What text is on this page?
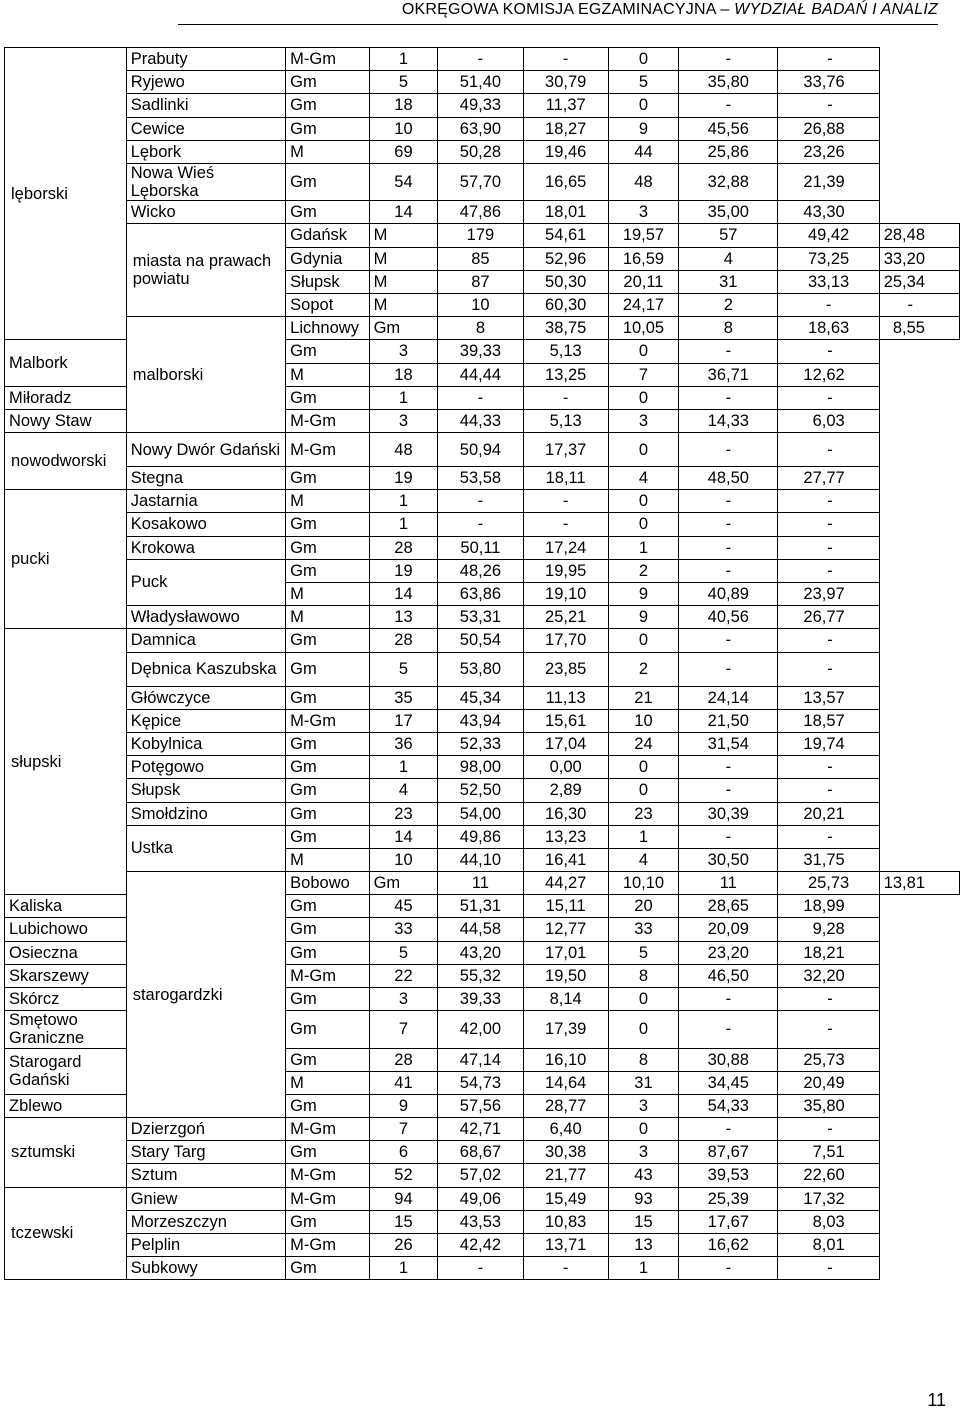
OKRĘGOWA KOMISJA EGZAMINACYJNA – WYDZIAŁ BADAŃ I ANALIZ
lęborski	Prabuty	M-Gm	1	-	-	0	-	-	
	Ryjewo	Gm	5	51,40	30,79	5	35,80	33,76	
	Sadlinki	Gm	18	49,33	11,37	0	-	-	
	Cewice	Gm	10	63,90	18,27	9	45,56	26,88	
	Lębork	M	69	50,28	19,46	44	25,86	23,26	
	Nowa Wieś Lęborska	Gm	54	57,70	16,65	48	32,88	21,39	
	Wicko	Gm	14	47,86	18,01	3	35,00	43,30	
	miasta na prawach powiatu	Gdańsk	M	179	54,61	19,57	57	49,42	28,48
		Gdynia	M	85	52,96	16,59	4	73,25	33,20
		Słupsk	M	87	50,30	20,11	31	33,13	25,34
		Sopot	M	10	60,30	24,17	2	-	-
	malborski	Lichnowy	Gm	8	38,75	10,05	8	18,63	8,55
Malbork		Gm	3	39,33	5,13	0	-	-	
		M	18	44,44	13,25	7	36,71	12,62	
Miłoradz		Gm	1	-	-	0	-	-	
Nowy Staw		M-Gm	3	44,33	5,13	3	14,33	6,03	
nowodworski	Nowy Dwór Gdański	M-Gm	48	50,94	17,37	0	-	-	
	Stegna	Gm	19	53,58	18,11	4	48,50	27,77	
pucki	Jastarnia	M	1	-	-	0	-	-	
	Kosakowo	Gm	1	-	-	0	-	-	
	Krokowa	Gm	28	50,11	17,24	1	-	-	
	Puck	Gm	19	48,26	19,95	2	-	-	
		M	14	63,86	19,10	9	40,89	23,97	
	Władysławowo	M	13	53,31	25,21	9	40,56	26,77	
słupski	Damnica	Gm	28	50,54	17,70	0	-	-	
	Dębnica Kaszubska	Gm	5	53,80	23,85	2	-	-	
	Główczyce	Gm	35	45,34	11,13	21	24,14	13,57	
	Kępice	M-Gm	17	43,94	15,61	10	21,50	18,57	
	Kobylnica	Gm	36	52,33	17,04	24	31,54	19,74	
	Potęgowo	Gm	1	98,00	0,00	0	-	-	
	Słupsk	Gm	4	52,50	2,89	0	-	-	
	Smołdzino	Gm	23	54,00	16,30	23	30,39	20,21	
	Ustka	Gm	14	49,86	13,23	1	-	-	
		M	10	44,10	16,41	4	30,50	31,75	
	starogardzki	Bobowo	Gm	11	44,27	10,10	11	25,73	13,81
Kaliska		Gm	45	51,31	15,11	20	28,65	18,99	
Lubichowo		Gm	33	44,58	12,77	33	20,09	9,28	
Osieczna		Gm	5	43,20	17,01	5	23,20	18,21	
Skarszewy		M-Gm	22	55,32	19,50	8	46,50	32,20	
Skórcz		Gm	3	39,33	8,14	0	-	-	
Smętowo Graniczne		Gm	7	42,00	17,39	0	-	-	
Starogard Gdański		Gm	28	47,14	16,10	8	30,88	25,73	
		M	41	54,73	14,64	31	34,45	20,49	
Zblewo		Gm	9	57,56	28,77	3	54,33	35,80	
sztumski	Dzierzgoń	M-Gm	7	42,71	6,40	0	-	-	
	Stary Targ	Gm	6	68,67	30,38	3	87,67	7,51	
	Sztum	M-Gm	52	57,02	21,77	43	39,53	22,60	
tczewski	Gniew	M-Gm	94	49,06	15,49	93	25,39	17,32	
	Morzeszczyn	Gm	15	43,53	10,83	15	17,67	8,03	
	Pelplin	M-Gm	26	42,42	13,71	13	16,62	8,01	
	Subkowy	Gm	1	-	-	1	-	-	
11
